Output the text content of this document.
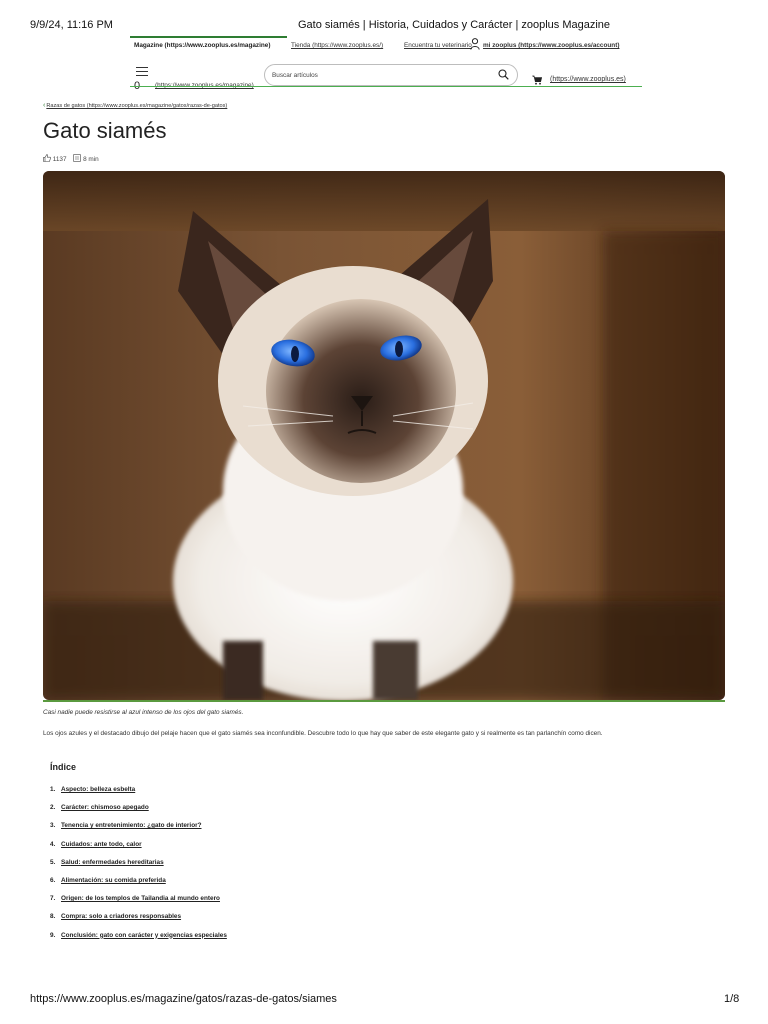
9/9/24, 11:16 PM	Gato siamés | Historia, Cuidados y Carácter | zooplus Magazine
Magazine (https://www.zooplus.es/magazine)	Tienda (https://www.zooplus.es/)	Encuentra tu veterinario mi zooplus (https://www.zooplus.es/account)
Buscar artículos
(https://www.zooplus.es)
‹Razas de gatos (https://www.zooplus.es/magazine/gatos/razas-de-gatos)
Gato siamés
1137	8 min
Casi nadie puede resistirse al azul intenso de los ojos del gato siamés.
Los ojos azules y el destacado dibujo del pelaje hacen que el gato siamés sea inconfundible. Descubre todo lo que hay que saber de este elegante gato y si realmente es tan parlanchín como dicen.
Índice
1. Aspecto: belleza esbelta
2. Carácter: chismoso apegado
3. Tenencia y entretenimiento: ¿gato de interior?
4. Cuidados: ante todo, calor
5. Salud: enfermedades hereditarias
6. Alimentación: su comida preferida
7. Origen: de los templos de Tailandia al mundo entero
8. Compra: solo a criadores responsables
9. Conclusión: gato con carácter y exigencias especiales
https://www.zooplus.es/magazine/gatos/razas-de-gatos/siames	1/8
